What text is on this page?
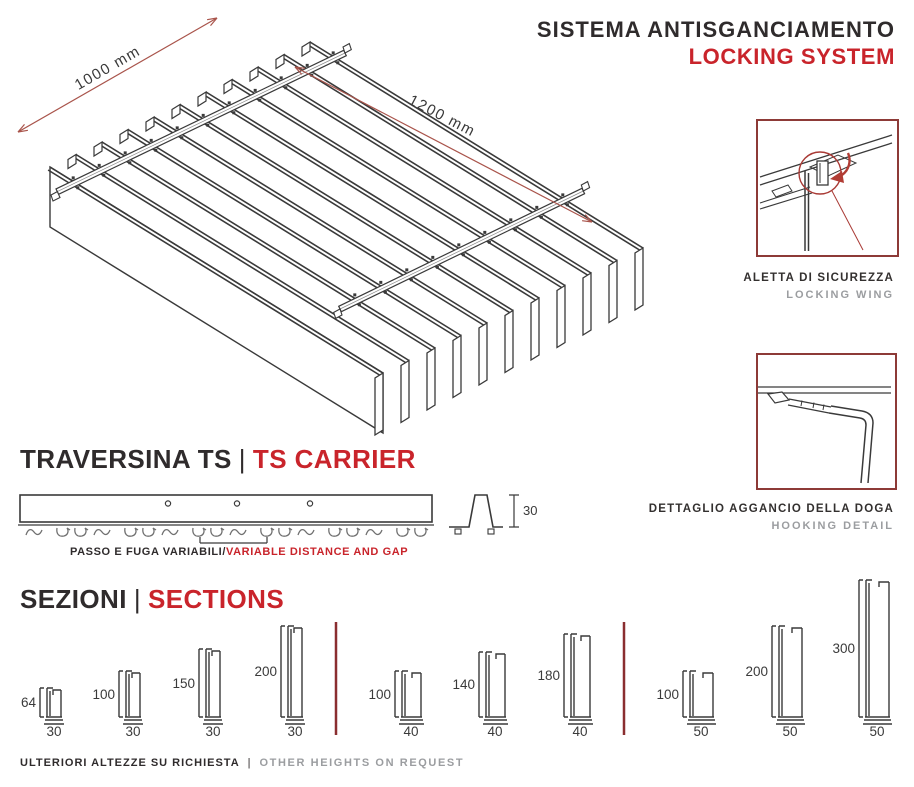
SISTEMA ANTISGANCIAMENTO
LOCKING SYSTEM
1000 mm
1200 mm
ALETTA DI SICUREZZA
LOCKING WING
DETTAGLIO AGGANCIO DELLA DOGA
HOOKING DETAIL
TRAVERSINA TS | TS CARRIER
PASSO E FUGA VARIABILI/VARIABLE DISTANCE AND GAP
30
SEZIONI | SECTIONS
64
30
100
30
150
30
200
30
100
40
140
40
180
40
100
50
200
50
300
50
ULTERIORI ALTEZZE SU RICHIESTA | OTHER HEIGHTS ON REQUEST
